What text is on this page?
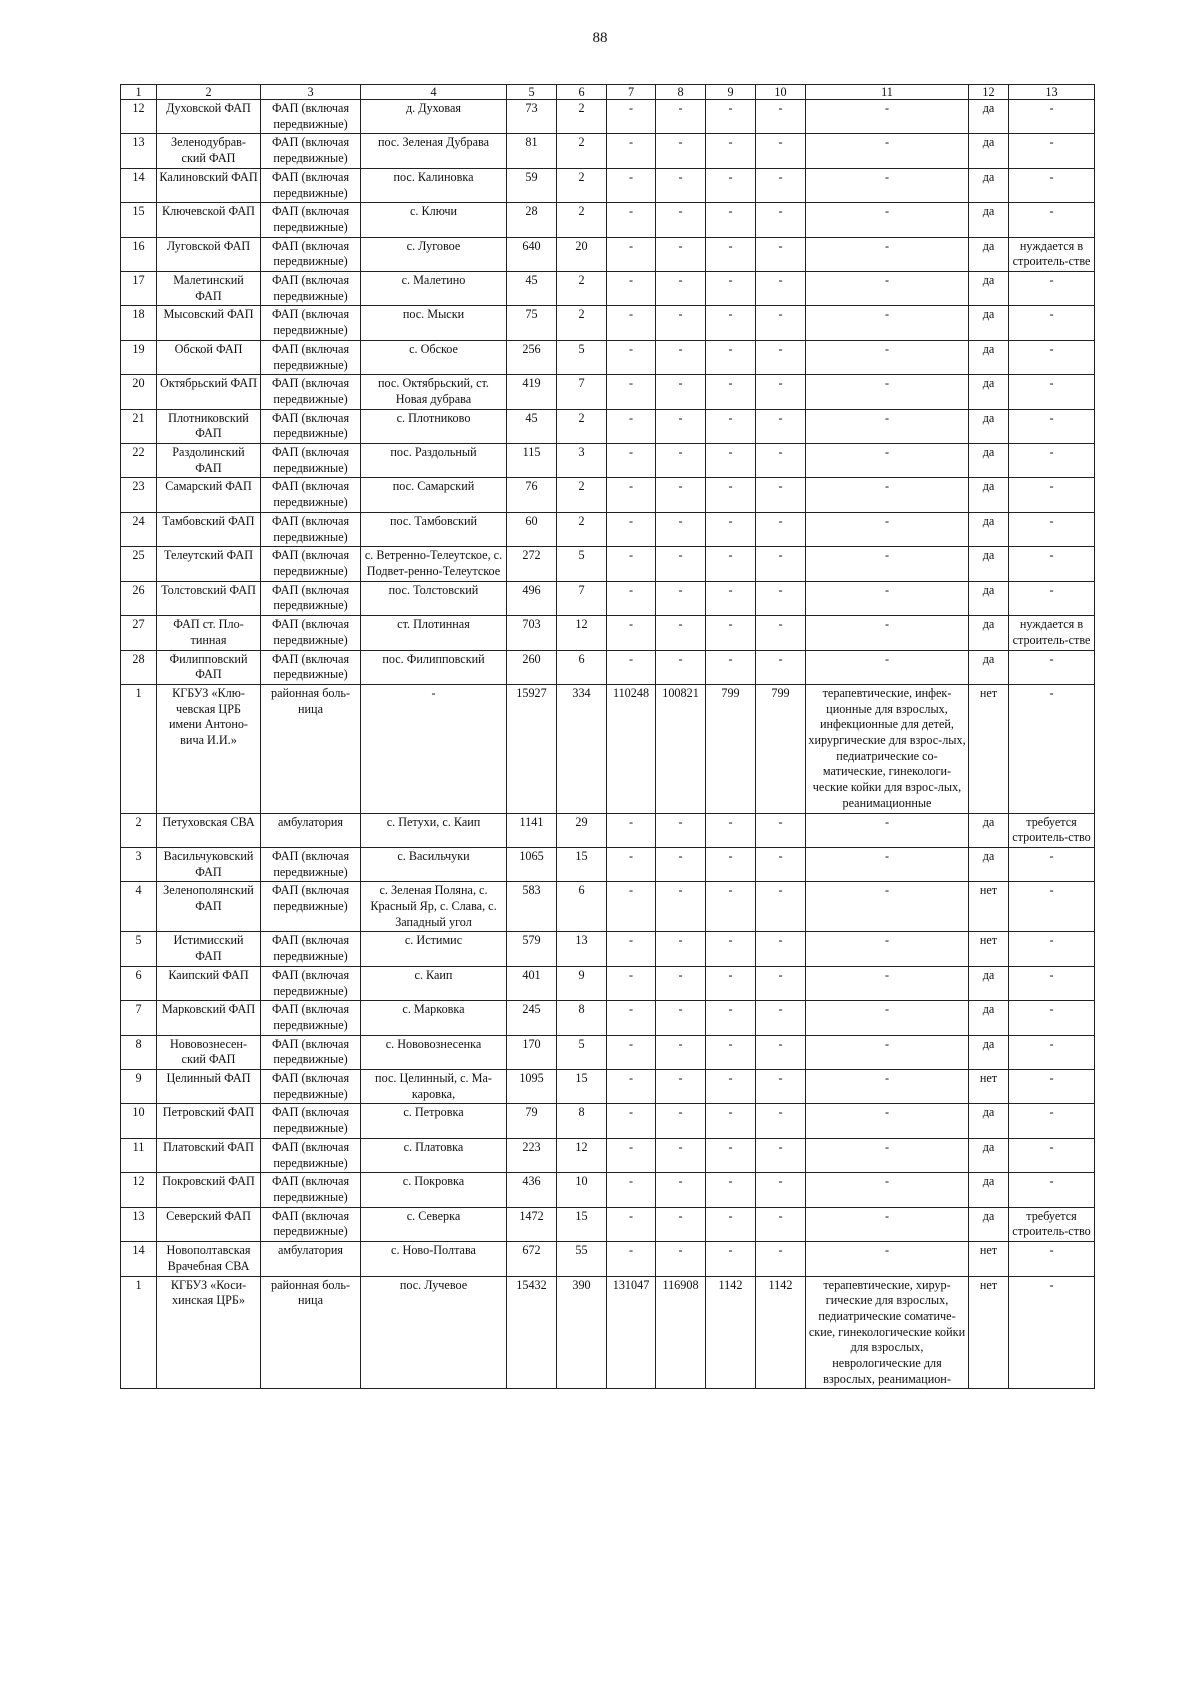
88
1	2	3	4	5	6	7	8	9	10	11	12	13
12	Духовской ФАП	ФАП (включая передвижные)	д. Духовая	73	2	-	-	-	-	-	да	-
13	Зеленодубрав-ский ФАП	ФАП (включая передвижные)	пос. Зеленая Дубрава	81	2	-	-	-	-	-	да	-
14	Калиновский ФАП	ФАП (включая передвижные)	пос. Калиновка	59	2	-	-	-	-	-	да	-
15	Ключевской ФАП	ФАП (включая передвижные)	с. Ключи	28	2	-	-	-	-	-	да	-
16	Луговской ФАП	ФАП (включая передвижные)	с. Луговое	640	20	-	-	-	-	-	да	нуждается в строитель-стве
17	Малетинский ФАП	ФАП (включая передвижные)	с. Малетино	45	2	-	-	-	-	-	да	-
18	Мысовский ФАП	ФАП (включая передвижные)	пос. Мыски	75	2	-	-	-	-	-	да	-
19	Обской ФАП	ФАП (включая передвижные)	с. Обское	256	5	-	-	-	-	-	да	-
20	Октябрьский ФАП	ФАП (включая передвижные)	пос. Октябрьский, ст. Новая дубрава	419	7	-	-	-	-	-	да	-
21	Плотниковский ФАП	ФАП (включая передвижные)	с. Плотниково	45	2	-	-	-	-	-	да	-
22	Раздолинский ФАП	ФАП (включая передвижные)	пос. Раздольный	115	3	-	-	-	-	-	да	-
23	Самарский ФАП	ФАП (включая передвижные)	пос. Самарский	76	2	-	-	-	-	-	да	-
24	Тамбовский ФАП	ФАП (включая передвижные)	пос. Тамбовский	60	2	-	-	-	-	-	да	-
25	Телеутский ФАП	ФАП (включая передвижные)	с. Ветренно-Телеутское, с. Подвет-ренно-Телеутское	272	5	-	-	-	-	-	да	-
26	Толстовский ФАП	ФАП (включая передвижные)	пос. Толстовский	496	7	-	-	-	-	-	да	-
27	ФАП ст. Пло-тинная	ФАП (включая передвижные)	ст. Плотинная	703	12	-	-	-	-	-	да	нуждается в строитель-стве
28	Филипповский ФАП	ФАП (включая передвижные)	пос. Филипповский	260	6	-	-	-	-	-	да	-
1	КГБУЗ «Клю-чевская ЦРБ имени Антоно-вича И.И.»	районная боль-ница	-	15927	334	110248	100821	799	799	терапевтические, инфек-ционные для взрослых, инфекционные для детей, хирургические для взрос-лых, педиатрические со-матические, гинекологи-ческие койки для взрос-лых, реанимационные	нет	-
2	Петуховская СВА	амбулатория	с. Петухи, с. Каип	1141	29	-	-	-	-	-	да	требуется строитель-ство
3	Васильчуковский ФАП	ФАП (включая передвижные)	с. Васильчуки	1065	15	-	-	-	-	-	да	-
4	Зеленополянский ФАП	ФАП (включая передвижные)	с. Зеленая Поляна, с. Красный Яр, с. Слава, с. Западный угол	583	6	-	-	-	-	-	нет	-
5	Истимисский ФАП	ФАП (включая передвижные)	с. Истимис	579	13	-	-	-	-	-	нет	-
6	Каипский ФАП	ФАП (включая передвижные)	с. Каип	401	9	-	-	-	-	-	да	-
7	Марковский ФАП	ФАП (включая передвижные)	с. Марковка	245	8	-	-	-	-	-	да	-
8	Нововознесен-ский ФАП	ФАП (включая передвижные)	с. Нововознесенка	170	5	-	-	-	-	-	да	-
9	Целинный ФАП	ФАП (включая передвижные)	пос. Целинный, с. Ма-каровка,	1095	15	-	-	-	-	-	нет	-
10	Петровский ФАП	ФАП (включая передвижные)	с. Петровка	79	8	-	-	-	-	-	да	-
11	Платовский ФАП	ФАП (включая передвижные)	с. Платовка	223	12	-	-	-	-	-	да	-
12	Покровский ФАП	ФАП (включая передвижные)	с. Покровка	436	10	-	-	-	-	-	да	-
13	Северский ФАП	ФАП (включая передвижные)	с. Северка	1472	15	-	-	-	-	-	да	требуется строитель-ство
14	Новополтавская Врачебная СВА	амбулатория	с. Ново-Полтава	672	55	-	-	-	-	-	нет	-
1	КГБУЗ «Коси-хинская ЦРБ»	районная боль-ница	пос. Лучевое	15432	390	131047	116908	1142	1142	терапевтические, хирур-гические для взрослых, педиатрические соматиче-ские, гинекологические койки для взрослых, неврологические для взрослых, реанимацион-	нет	-
